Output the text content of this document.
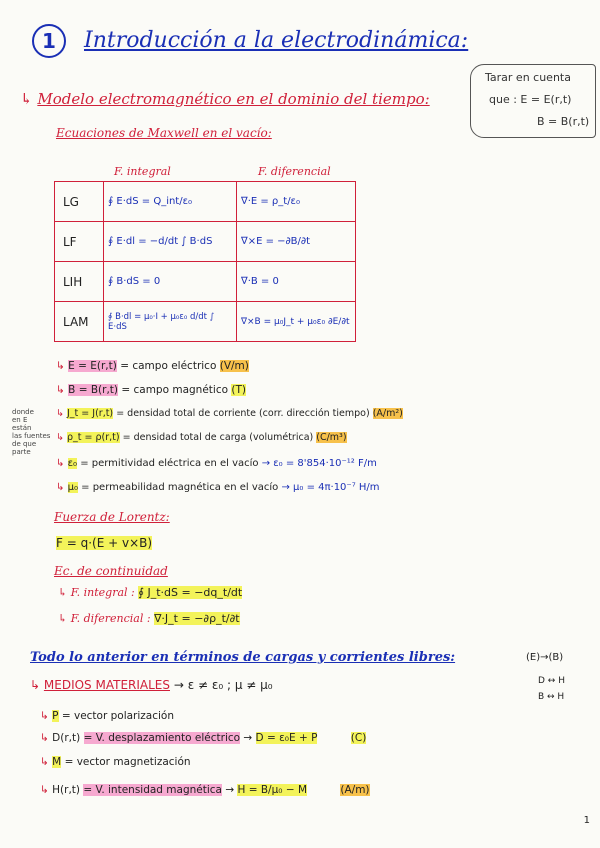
1	Introducción a la electrodinámica:
↳ Modelo electromagnético en el dominio del tiempo:
Tarar en cuenta
que : E = E(r,t)
B = B(r,t)
Ecuaciones de Maxwell en el vacío:
F. integral	F. diferencial
LG	∮ E·dS = Q_int/ε₀	∇·E = ρ_t/ε₀
LF	∮ E·dl = −d/dt ∫ B·dS	∇×E = −∂B/∂t
LIH	∮ B·dS = 0	∇·B = 0
LAM	∮ B·dl = μ₀·I + μ₀ε₀ d/dt ∫ E·dS	∇×B = μ₀J_t + μ₀ε₀ ∂E/∂t
donde
en E
están
las fuentes
de que
parte
↳ E = E(r,t) = campo eléctrico (V/m)
↳ B = B(r,t) = campo magnético (T)
↳ J_t = J(r,t) = densidad total de corriente (corr. dirección tiempo) (A/m²)
↳ ρ_t = ρ(r,t) = densidad total de carga (volumétrica) (C/m³)
↳ ε₀ = permitividad eléctrica en el vacío → ε₀ = 8'854·10⁻¹² F/m
↳ μ₀ = permeabilidad magnética en el vacío → μ₀ = 4π·10⁻⁷ H/m
Fuerza de Lorentz:
F = q·(E + v×B)
Ec. de continuidad
↳ F. integral : ∮ J_t·dS = −dq_t/dt
↳ F. diferencial : ∇·J_t = −∂ρ_t/∂t
Todo lo anterior en términos de cargas y corrientes libres:	(E)→(B)
D ↔ H
B ↔ H
↳ MEDIOS MATERIALES → ε ≠ ε₀ ; μ ≠ μ₀
↳ P = vector polarización
↳ D(r,t) = V. desplazamiento eléctrico → D = ε₀E + P	(C)
↳ M = vector magnetización
↳ H(r,t) = V. intensidad magnética → H = B/μ₀ − M	(A/m)
1
